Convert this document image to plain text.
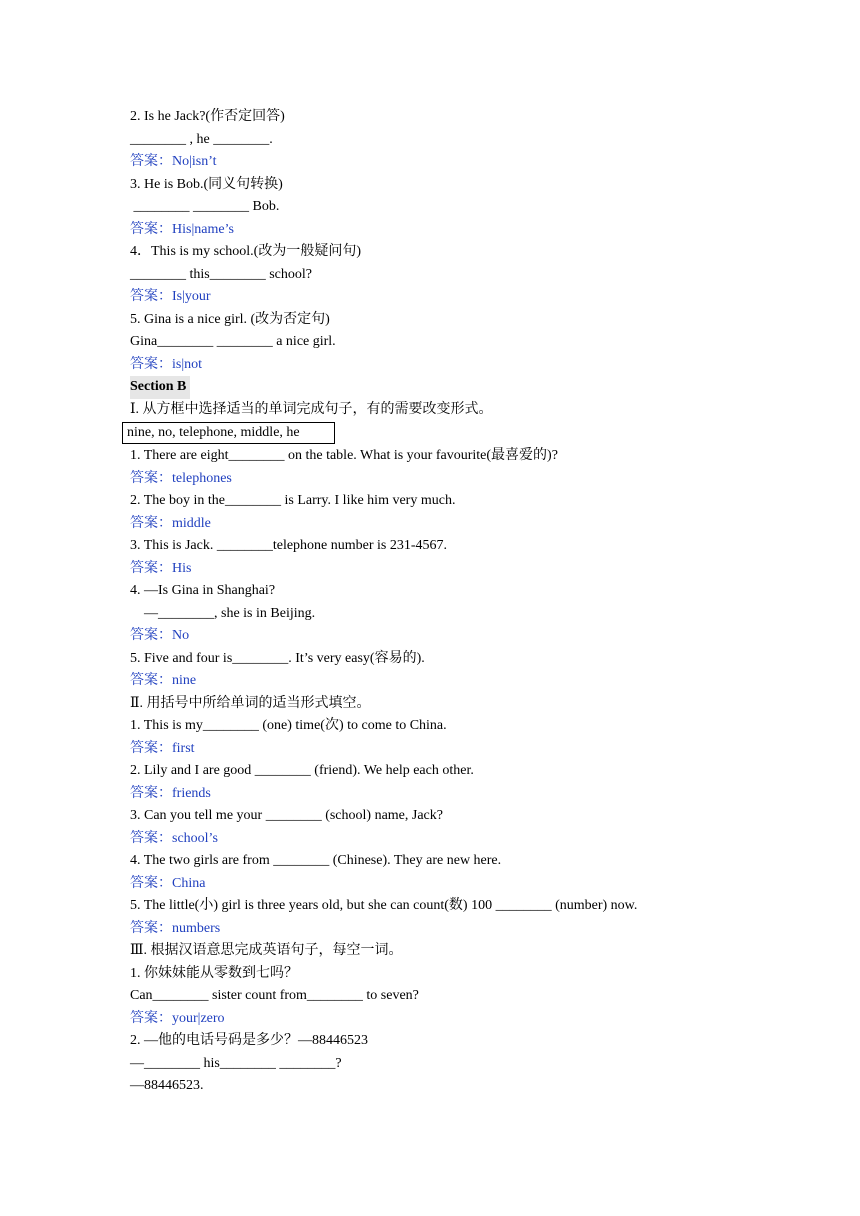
2. Is he Jack?(作否定回答)
________ , he ________.
答案：No|isn’t
3. He is Bob.(同义句转换)
________ ________ Bob.
答案：His|name’s
4．This is my school.(改为一般疑问句)
________ this________ school?
答案：Is|your
5. Gina is a nice girl. (改为否定句)
Gina________ ________ a nice girl.
答案：is|not
Section B
Ⅰ. 从方框中选择适当的单词完成句子，有的需要改变形式。
nine, no, telephone, middle, he
1. There are eight________ on the table. What is your favourite(最喜爱的)?
答案：telephones
2. The boy in the________ is Larry. I like him very much.
答案：middle
3. This is Jack. ________telephone number is 231-4567.
答案：His
4. —Is Gina in Shanghai?
—________, she is in Beijing.
答案：No
5. Five and four is________. It’s very easy(容易的).
答案：nine
Ⅱ. 用括号中所给单词的适当形式填空。
1. This is my________ (one) time(次) to come to China.
答案：first
2. Lily and I are good ________ (friend). We help each other.
答案：friends
3. Can you tell me your ________ (school) name, Jack?
答案：school’s
4. The two girls are from ________ (Chinese). They are new here.
答案：China
5. The little(小) girl is three years old, but she can count(数) 100 ________ (number) now.
答案：numbers
Ⅲ. 根据汉语意思完成英语句子，每空一词。
1. 你妹妹能从零数到七吗？
Can________ sister count from________ to seven?
答案：your|zero
2. —他的电话号码是多少？—88446523
—________ his________ ________?
—88446523.
